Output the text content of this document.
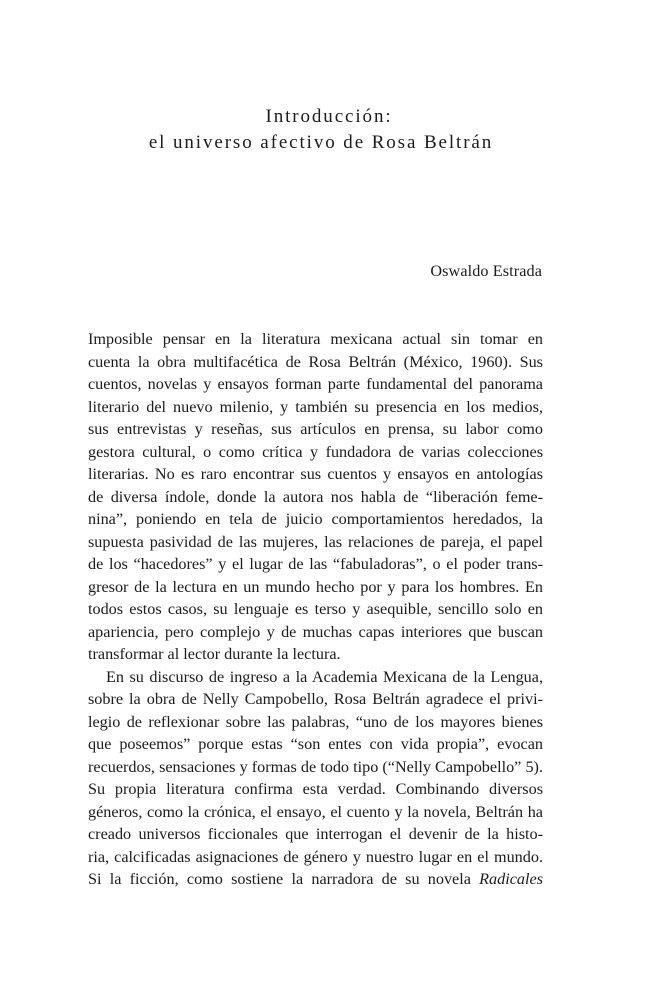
Introducción:
el universo afectivo de Rosa Beltrán
Oswaldo Estrada
Imposible pensar en la literatura mexicana actual sin tomar en
cuenta la obra multifacética de Rosa Beltrán (México, 1960). Sus
cuentos, novelas y ensayos forman parte fundamental del panorama
literario del nuevo milenio, y también su presencia en los medios,
sus entrevistas y reseñas, sus artículos en prensa, su labor como
gestora cultural, o como crítica y fundadora de varias colecciones
literarias. No es raro encontrar sus cuentos y ensayos en antologías
de diversa índole, donde la autora nos habla de “liberación feme-
nina”, poniendo en tela de juicio comportamientos heredados, la
supuesta pasividad de las mujeres, las relaciones de pareja, el papel
de los “hacedores” y el lugar de las “fabuladoras”, o el poder trans-
gresor de la lectura en un mundo hecho por y para los hombres. En
todos estos casos, su lenguaje es terso y asequible, sencillo solo en
apariencia, pero complejo y de muchas capas interiores que buscan
transformar al lector durante la lectura.
En su discurso de ingreso a la Academia Mexicana de la Lengua,
sobre la obra de Nelly Campobello, Rosa Beltrán agradece el privi-
legio de reflexionar sobre las palabras, “uno de los mayores bienes
que poseemos” porque estas “son entes con vida propia”, evocan
recuerdos, sensaciones y formas de todo tipo (“Nelly Campobello” 5).
Su propia literatura confirma esta verdad. Combinando diversos
géneros, como la crónica, el ensayo, el cuento y la novela, Beltrán ha
creado universos ficcionales que interrogan el devenir de la histo-
ria, calcificadas asignaciones de género y nuestro lugar en el mundo.
Si la ficción, como sostiene la narradora de su novela Radicales
